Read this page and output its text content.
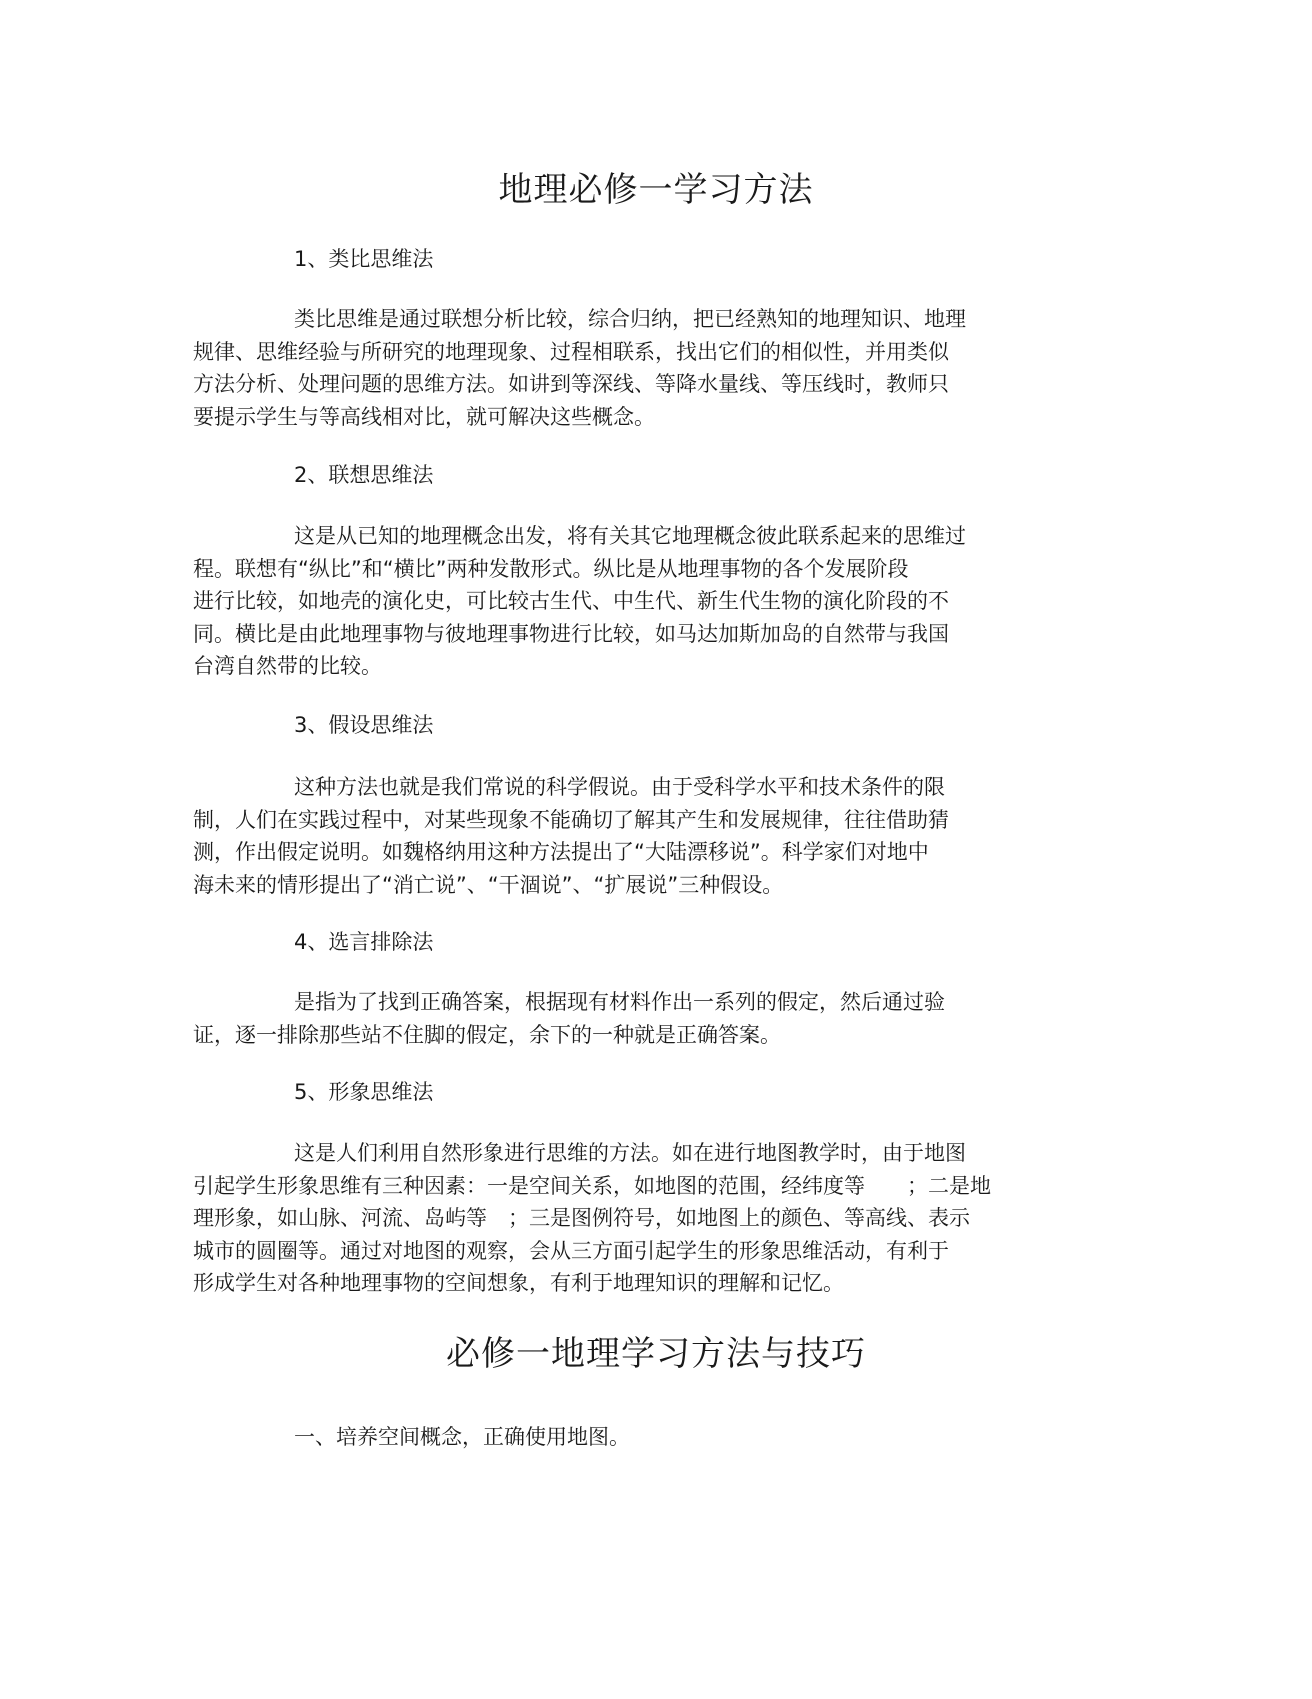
地理必修一学习方法
1、类比思维法
类比思维是通过联想分析比较，综合归纳，把已经熟知的地理知识、地理
规律、思维经验与所研究的地理现象、过程相联系，找出它们的相似性，并用类似
方法分析、处理问题的思维方法。如讲到等深线、等降水量线、等压线时，教师只
要提示学生与等高线相对比，就可解决这些概念。
2、联想思维法
这是从已知的地理概念出发，将有关其它地理概念彼此联系起来的思维过
程。联想有“纵比”和“横比”两种发散形式。纵比是从地理事物的各个发展阶段
进行比较，如地壳的演化史，可比较古生代、中生代、新生代生物的演化阶段的不
同。横比是由此地理事物与彼地理事物进行比较，如马达加斯加岛的自然带与我国
台湾自然带的比较。
3、假设思维法
这种方法也就是我们常说的科学假说。由于受科学水平和技术条件的限
制，人们在实践过程中，对某些现象不能确切了解其产生和发展规律，往往借助猜
测，作出假定说明。如魏格纳用这种方法提出了“大陆漂移说”。科学家们对地中
海未来的情形提出了“消亡说”、“干涸说”、“扩展说”三种假设。
4、选言排除法
是指为了找到正确答案，根据现有材料作出一系列的假定，然后通过验
证，逐一排除那些站不住脚的假定，余下的一种就是正确答案。
5、形象思维法
这是人们利用自然形象进行思维的方法。如在进行地图教学时，由于地图
引起学生形象思维有三种因素：一是空间关系，如地图的范围，经纬度等　　；二是地
理形象，如山脉、河流、岛屿等　；三是图例符号，如地图上的颜色、等高线、表示
城市的圆圈等。通过对地图的观察，会从三方面引起学生的形象思维活动，有利于
形成学生对各种地理事物的空间想象，有利于地理知识的理解和记忆。
必修一地理学习方法与技巧
一、培养空间概念，正确使用地图。
